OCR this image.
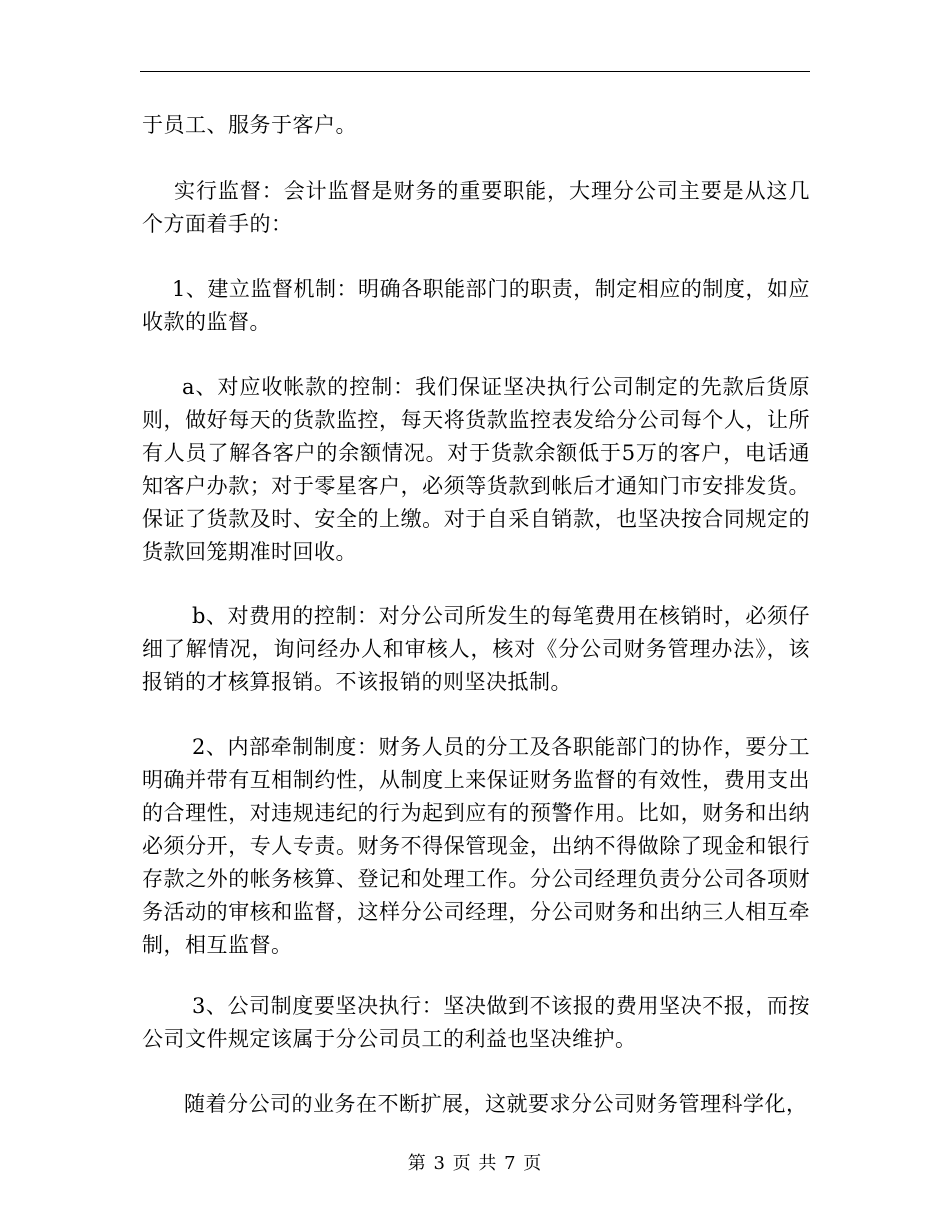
于员工、服务于客户。

实行监督：会计监督是财务的重要职能，大理分公司主要是从这几个方面着手的：

1、建立监督机制：明确各职能部门的职责，制定相应的制度，如应收款的监督。

a、对应收帐款的控制：我们保证坚决执行公司制定的先款后货原则，做好每天的货款监控，每天将货款监控表发给分公司每个人，让所有人员了解各客户的余额情况。对于货款余额低于5万的客户，电话通知客户办款；对于零星客户，必须等货款到帐后才通知门市安排发货。保证了货款及时、安全的上缴。对于自采自销款，也坚决按合同规定的货款回笼期准时回收。

b、对费用的控制：对分公司所发生的每笔费用在核销时，必须仔细了解情况，询问经办人和审核人，核对《分公司财务管理办法》，该报销的才核算报销。不该报销的则坚决抵制。

2、内部牵制制度：财务人员的分工及各职能部门的协作，要分工明确并带有互相制约性，从制度上来保证财务监督的有效性，费用支出的合理性，对违规违纪的行为起到应有的预警作用。比如，财务和出纳必须分开，专人专责。财务不得保管现金，出纳不得做除了现金和银行存款之外的帐务核算、登记和处理工作。分公司经理负责分公司各项财务活动的审核和监督，这样分公司经理，分公司财务和出纳三人相互牵制，相互监督。

3、公司制度要坚决执行：坚决做到不该报的费用坚决不报，而按公司文件规定该属于分公司员工的利益也坚决维护。

随着分公司的业务在不断扩展，这就要求分公司财务管理科学化，

第 3 页 共 7 页
